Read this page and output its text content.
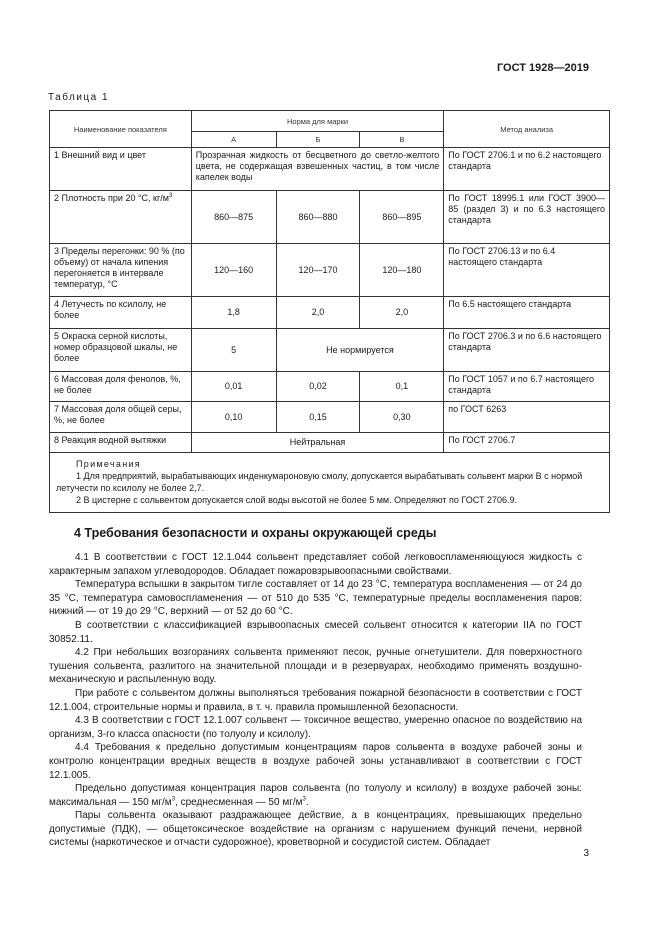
ГОСТ 1928—2019
Таблица 1
Наименование показателя	Норма для марки			Метод анализа
	А	Б	В	
1 Внешний вид и цвет	Прозрачная жидкость от бесцветного до светло-желтого цвета, не содержащая взвешенных частиц, в том числе капелек воды			По ГОСТ 2706.1 и по 6.2 настоящего стандарта
2 Плотность при 20 °С, $кг/м^3$	860—875	860—880	860—895	По ГОСТ 18995.1 или ГОСТ 3900—85 (раздел 3) и по 6.3 настоящего стандарта
3 Пределы перегонки: 90 % (по объему) от начала кипения перегоняется в интервале температур, °С	120—160	120—170	120—180	По ГОСТ 2706.13 и по 6.4 настоящего стандарта
4 Летучесть по ксилолу, не более	1,8	2,0	2,0	По 6.5 настоящего стандарта
5 Окраска серной кислоты, номер образцовой шкалы, не более	5	Не нормируется		По ГОСТ 2706.3 и по 6.6 настоящего стандарта
6 Массовая доля фенолов, %, не более	0,01	0,02	0,1	По ГОСТ 1057 и по 6.7 настоящего стандарта
7 Массовая доля общей серы, %, не более	0,10	0,15	0,30	по ГОСТ 6263
8 Реакция водной вытяжки	Нейтральная			По ГОСТ 2706.7

Примечания
1 Для предприятий, вырабатывающих инденкумароновую смолу, допускается вырабатывать сольвент марки В с нормой летучести по ксилолу не более 2,7.
2 В цистерне с сольвентом допускается слой воды высотой не более 5 мм. Определяют по ГОСТ 2706.9.				
4 Требования безопасности и охраны окружающей среды

4.1 В соответствии с ГОСТ 12.1.044 сольвент представляет собой легковоспламеняющуюся жидкость с характерным запахом углеводородов. Обладает пожаровзрывоопасными свойствами.

Температура вспышки в закрытом тигле составляет от 14 до 23 °С, температура воспламенения — от 24 до 35 °С, температура самовоспламенения — от 510 до 535 °С, температурные пределы воспламенения паров: нижний — от 19 до 29 °С, верхний — от 52 до 60 °С.

В соответствии с классификацией взрывоопасных смесей сольвент относится к категории IIA по ГОСТ 30852.11.

4.2 При небольших возгораниях сольвента применяют песок, ручные огнетушители. Для поверхностного тушения сольвента, разлитого на значительной площади и в резервуарах, необходимо применять воздушно-механическую и распыленную воду.

При работе с сольвентом должны выполняться требования пожарной безопасности в соответствии с ГОСТ 12.1.004, строительные нормы и правила, в т. ч. правила промышленной безопасности.

4.3 В соответствии с ГОСТ 12.1.007 сольвент — токсичное вещество, умеренно опасное по воздействию на организм, 3-го класса опасности (по толуолу и ксилолу).

4.4 Требования к предельно допустимым концентрациям паров сольвента в воздухе рабочей зоны и контролю концентрации вредных веществ в воздухе рабочей зоны устанавливают в соответствии с ГОСТ 12.1.005.

Предельно допустимая концентрация паров сольвента (по толуолу и ксилолу) в воздухе рабочей зоны: максимальная — 150 $мг/м^3$, среднесменная — 50 $мг/м^3$.

Пары сольвента оказывают раздражающее действие, а в концентрациях, превышающих предельно допустимые (ПДК), — общетоксическое воздействие на организм с нарушением функций печени, нервной системы (наркотическое и отчасти судорожное), кроветворной и сосудистой систем. Обладает

3
